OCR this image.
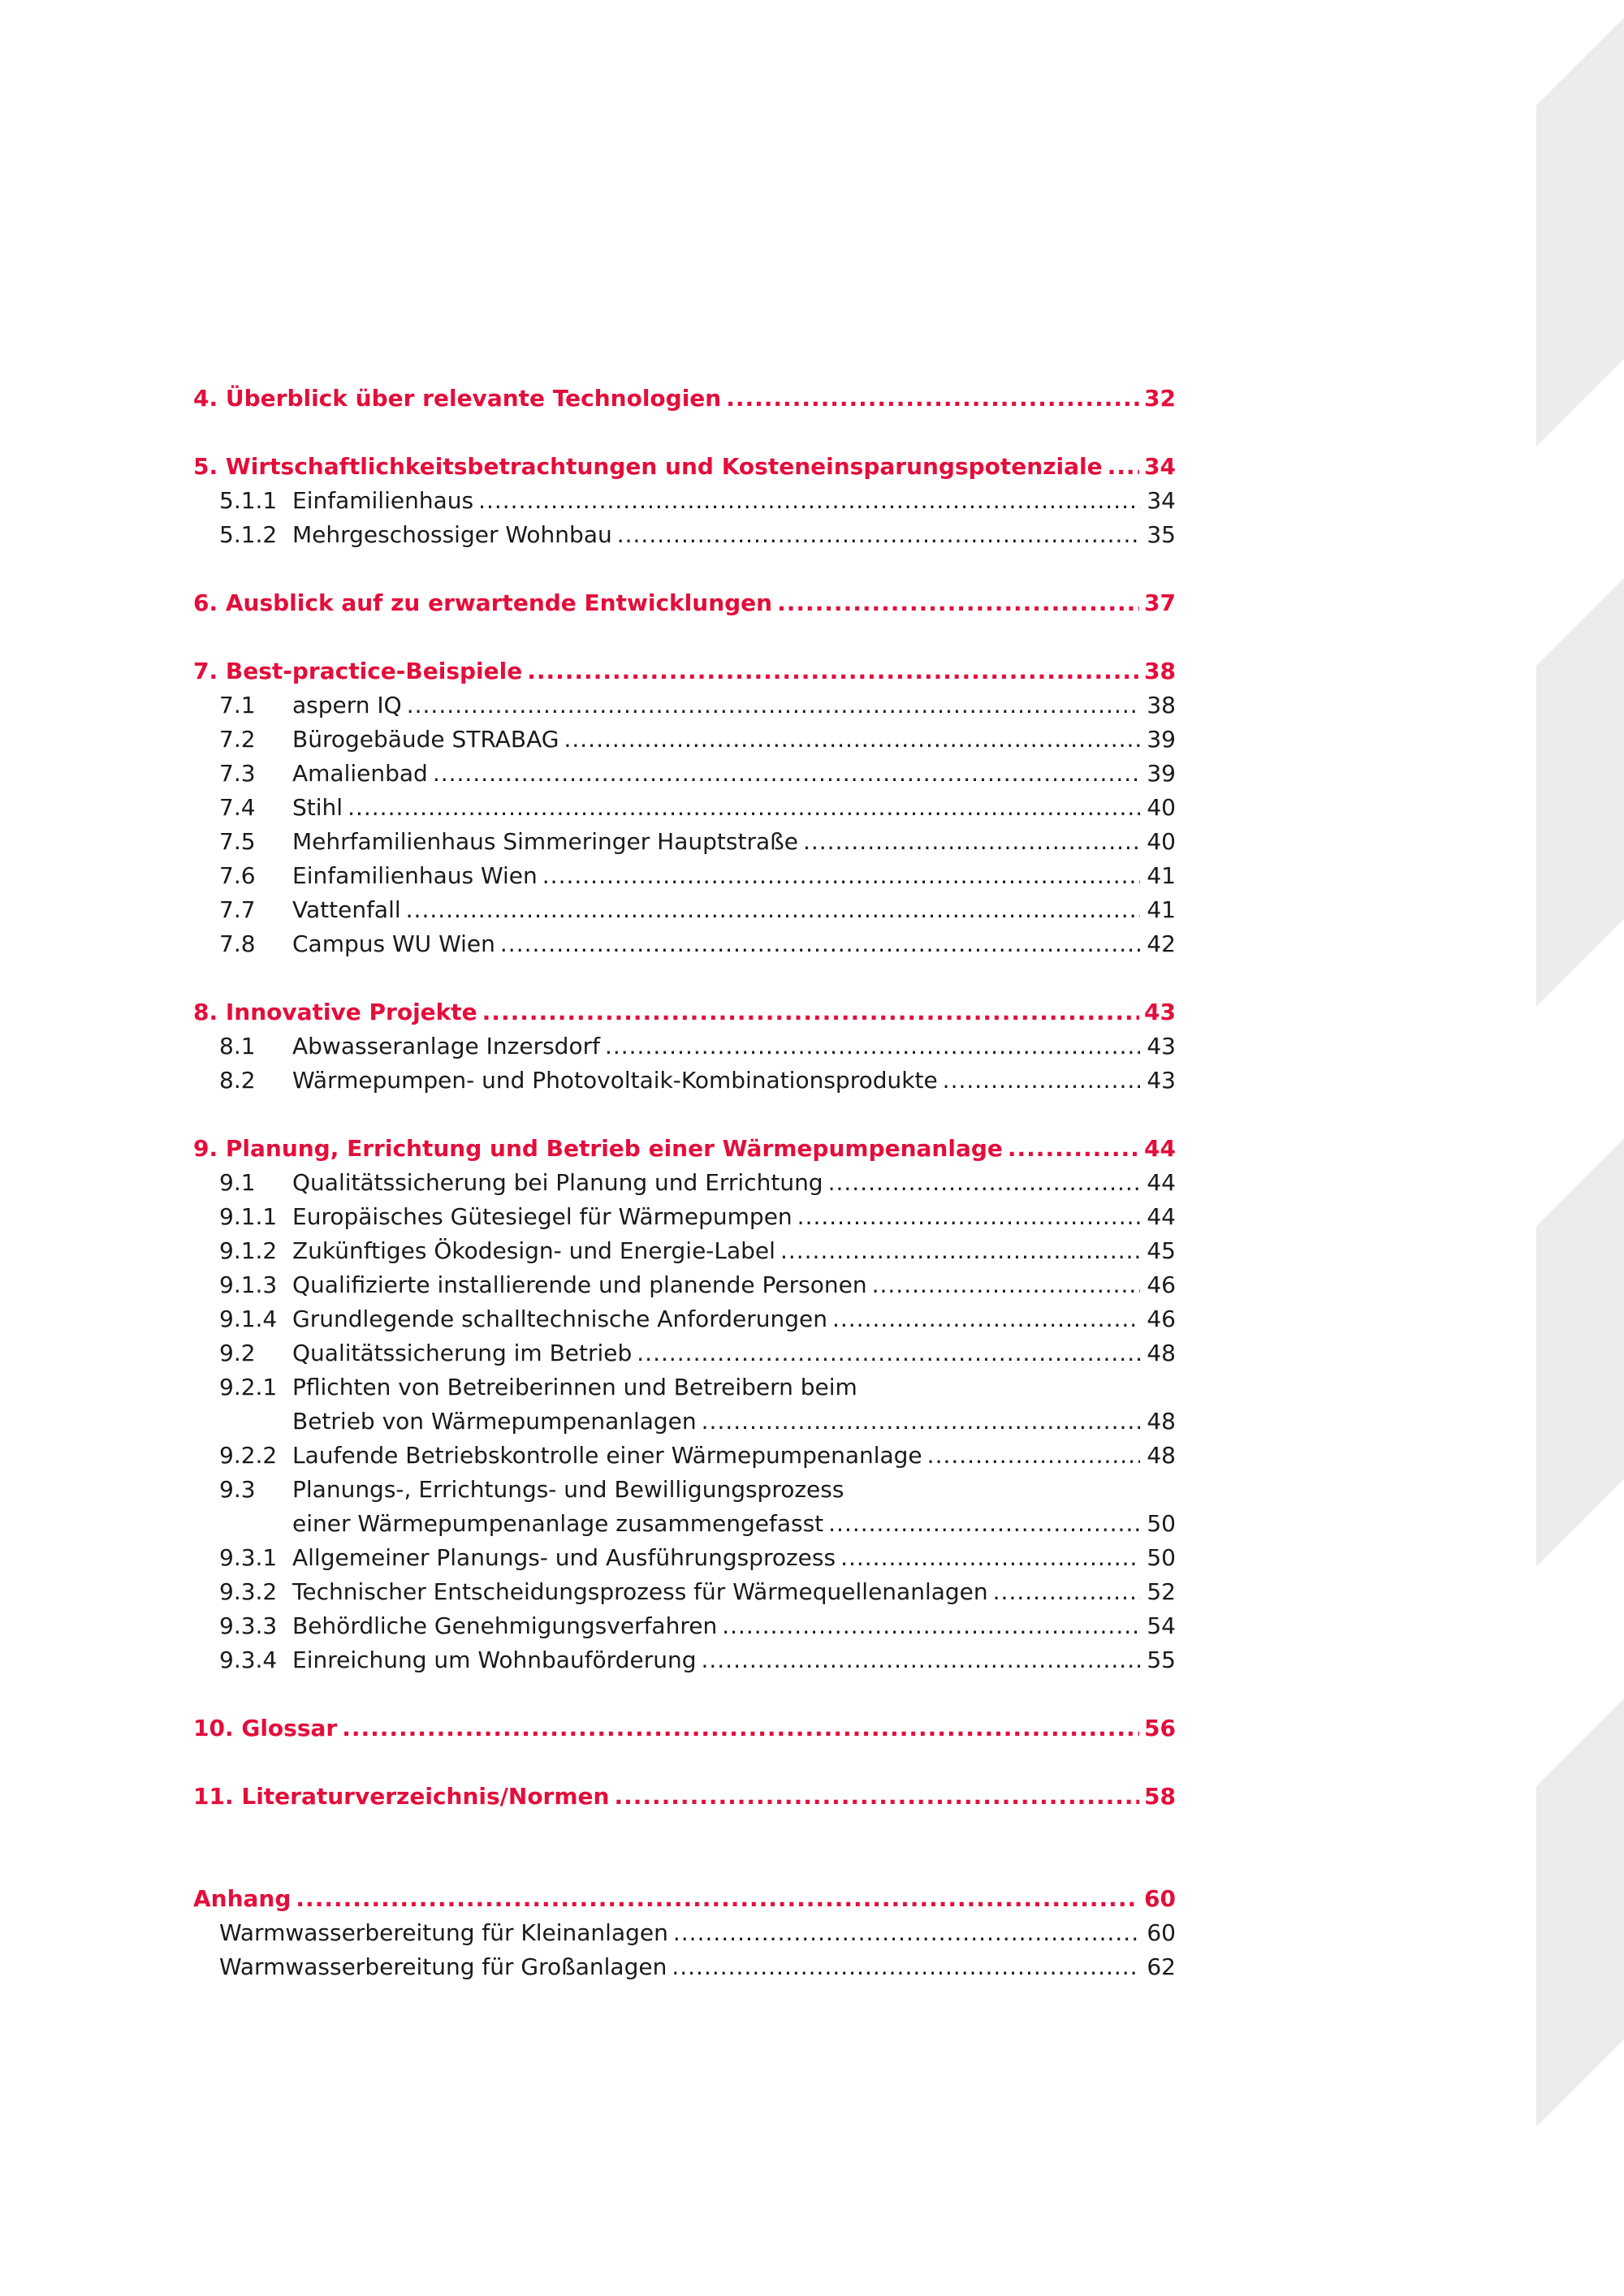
4. Überblick über relevante Technologien .....	32
5. Wirtschaftlichkeitsbetrachtungen und Kosteneinsparungspotenziale ..... 34
5.1.1 Einfamilienhaus .....	34
5.1.2 Mehrgeschossiger Wohnbau .....	35
6. Ausblick auf zu erwartende Entwicklungen .....	37
7. Best-practice-Beispiele .....	38
7.1	aspern IQ .....	38
7.2	Bürogebäude STRABAG .....	39
7.3	Amalienbad .....	39
7.4	Stihl .....	40
7.5	Mehrfamilienhaus Simmeringer Hauptstraße .....	40
7.6	Einfamilienhaus Wien .....	41
7.7	Vattenfall .....	41
7.8	Campus WU Wien .....	42
8. Innovative Projekte .....	43
8.1	Abwasseranlage Inzersdorf .....	43
8.2	Wärmepumpen- und Photovoltaik-Kombinationsprodukte .....	43
9. Planung, Errichtung und Betrieb einer Wärmepumpenanlage .....	44
9.1	Qualitätssicherung bei Planung und Errichtung .....	44
9.1.1 Europäisches Gütesiegel für Wärmepumpen .....	44
9.1.2 Zukünftiges Ökodesign- und Energie-Label .....	45
9.1.3 Qualifizierte installierende und planende Personen .....	46
9.1.4 Grundlegende schalltechnische Anforderungen .....	46
9.2	Qualitätssicherung im Betrieb .....	48
9.2.1 Pflichten von Betreiberinnen und Betreibern beim
Betrieb von Wärmepumpenanlagen .....	48
9.2.2 Laufende Betriebskontrolle einer Wärmepumpenanlage .....	48
9.3	Planungs-, Errichtungs- und Bewilligungsprozess
einer Wärmepumpenanlage zusammengefasst .....	50
9.3.1 Allgemeiner Planungs- und Ausführungsprozess .....	50
9.3.2 Technischer Entscheidungsprozess für Wärmequellenanlagen .....	52
9.3.3 Behördliche Genehmigungsverfahren .....	54
9.3.4 Einreichung um Wohnbauförderung .....	55
10. Glossar .....	56
11. Literaturverzeichnis/Normen .....	58
Anhang .....	60
Warmwasserbereitung für Kleinanlagen .....	60
Warmwasserbereitung für Großanlagen .....	62
